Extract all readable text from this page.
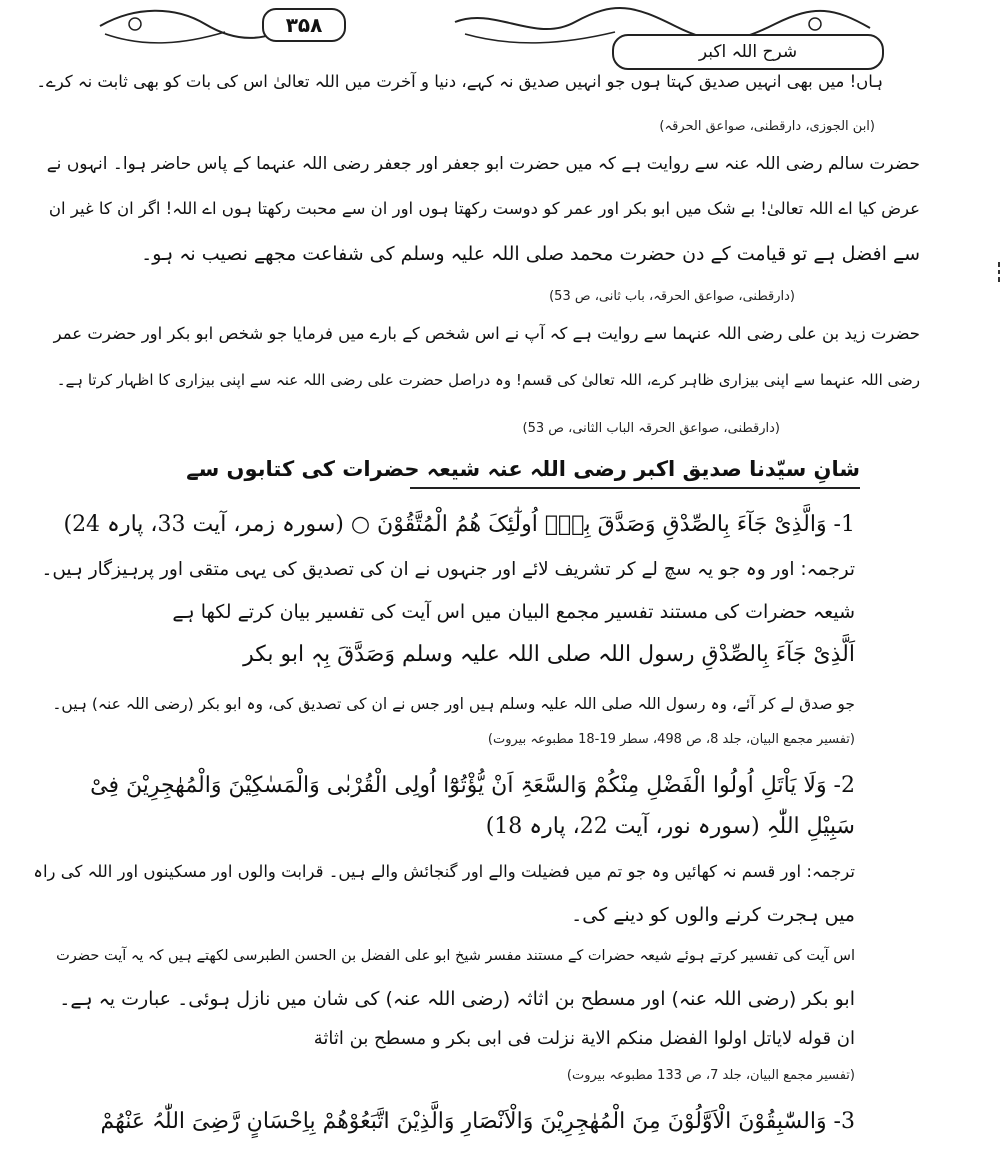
۳۵۸
شرح اللہ اکبر
ہاں! میں بھی انہیں صدیق کہتا ہوں جو انہیں صدیق نہ کہے، دنیا و آخرت میں اللہ تعالیٰ اس کی بات کو بھی ثابت نہ کرے۔
(ابن الجوزی، دارقطنی، صواعق الحرقہ)
حضرت سالم رضی اللہ عنہ سے روایت ہے کہ میں حضرت ابو جعفر اور جعفر رضی اللہ عنہما کے پاس حاضر ہوا۔ انہوں نے
عرض کیا اے اللہ تعالیٰ! بے شک میں ابو بکر اور عمر کو دوست رکھتا ہوں اور ان سے محبت رکھتا ہوں اے اللہ! اگر ان کا غیر ان
سے افضل ہے تو قیامت کے دن حضرت محمد صلی اللہ علیہ وسلم کی شفاعت مجھے نصیب نہ ہو۔
(دارقطنی، صواعق الحرقہ، باب ثانی، ص 53)
حضرت زید بن علی رضی اللہ عنہما سے روایت ہے کہ آپ نے اس شخص کے بارے میں فرمایا جو شخص ابو بکر اور حضرت عمر
رضی اللہ عنہما سے اپنی بیزاری ظاہر کرے، اللہ تعالیٰ کی قسم! وہ دراصل حضرت علی رضی اللہ عنہ سے اپنی بیزاری کا اظہار کرتا ہے۔
(دارقطنی، صواعق الحرقہ الباب الثانی، ص 53)
شانِ سیّدنا صدیق اکبر رضی اللہ عنہ شیعہ حضرات کی کتابوں سے
1- وَالَّذِیْ جَآءَ بِالصِّدْقِ وَصَدَّقَ بِہٖۤ اُولٰٓئِکَ ھُمُ الْمُتَّقُوْنَ ○ (سورہ زمر، آیت 33، پارہ 24)
ترجمہ: اور وہ جو یہ سچ لے کر تشریف لائے اور جنہوں نے ان کی تصدیق کی یہی متقی اور پرہیزگار ہیں۔
شیعہ حضرات کی مستند تفسیر مجمع البیان میں اس آیت کی تفسیر بیان کرتے لکھا ہے
اَلَّذِیْ جَآءَ بِالصِّدْقِ رسول اللہ صلی اللہ علیہ وسلم وَصَدَّقَ بِہٖ ابو بکر
جو صدق لے کر آئے، وہ رسول اللہ صلی اللہ علیہ وسلم ہیں اور جس نے ان کی تصدیق کی، وہ ابو بکر (رضی اللہ عنہ) ہیں۔
(تفسیر مجمع البیان، جلد 8، ص 498، سطر 19-18 مطبوعہ بیروت)
2- وَلَا یَاْتَلِ اُولُوا الْفَضْلِ مِنْکُمْ وَالسَّعَۃِ اَنْ یُّؤْتُوْٓا اُولِی الْقُرْبٰی وَالْمَسٰکِیْنَ وَالْمُھٰجِرِیْنَ فِیْ
سَبِیْلِ اللّٰہِ (سورہ نور، آیت 22، پارہ 18)
ترجمہ: اور قسم نہ کھائیں وہ جو تم میں فضیلت والے اور گنجائش والے ہیں۔ قرابت والوں اور مسکینوں اور اللہ کی راہ
میں ہجرت کرنے والوں کو دینے کی۔
اس آیت کی تفسیر کرتے ہوئے شیعہ حضرات کے مستند مفسر شیخ ابو علی الفضل بن الحسن الطبرسی لکھتے ہیں کہ یہ آیت حضرت
ابو بکر (رضی اللہ عنہ) اور مسطح بن اثاثہ (رضی اللہ عنہ) کی شان میں نازل ہوئی۔ عبارت یہ ہے۔
ان قوله لایاتل اولوا الفضل منکم الایة نزلت فی ابی بکر و مسطح بن اثاثة
(تفسیر مجمع البیان، جلد 7، ص 133 مطبوعہ بیروت)
3- وَالسّٰبِقُوْنَ الْاَوَّلُوْنَ مِنَ الْمُھٰجِرِیْنَ وَالْاَنْصَارِ وَالَّذِیْنَ اتَّبَعُوْھُمْ بِاِحْسَانٍ رَّضِیَ اللّٰہُ عَنْھُمْ
